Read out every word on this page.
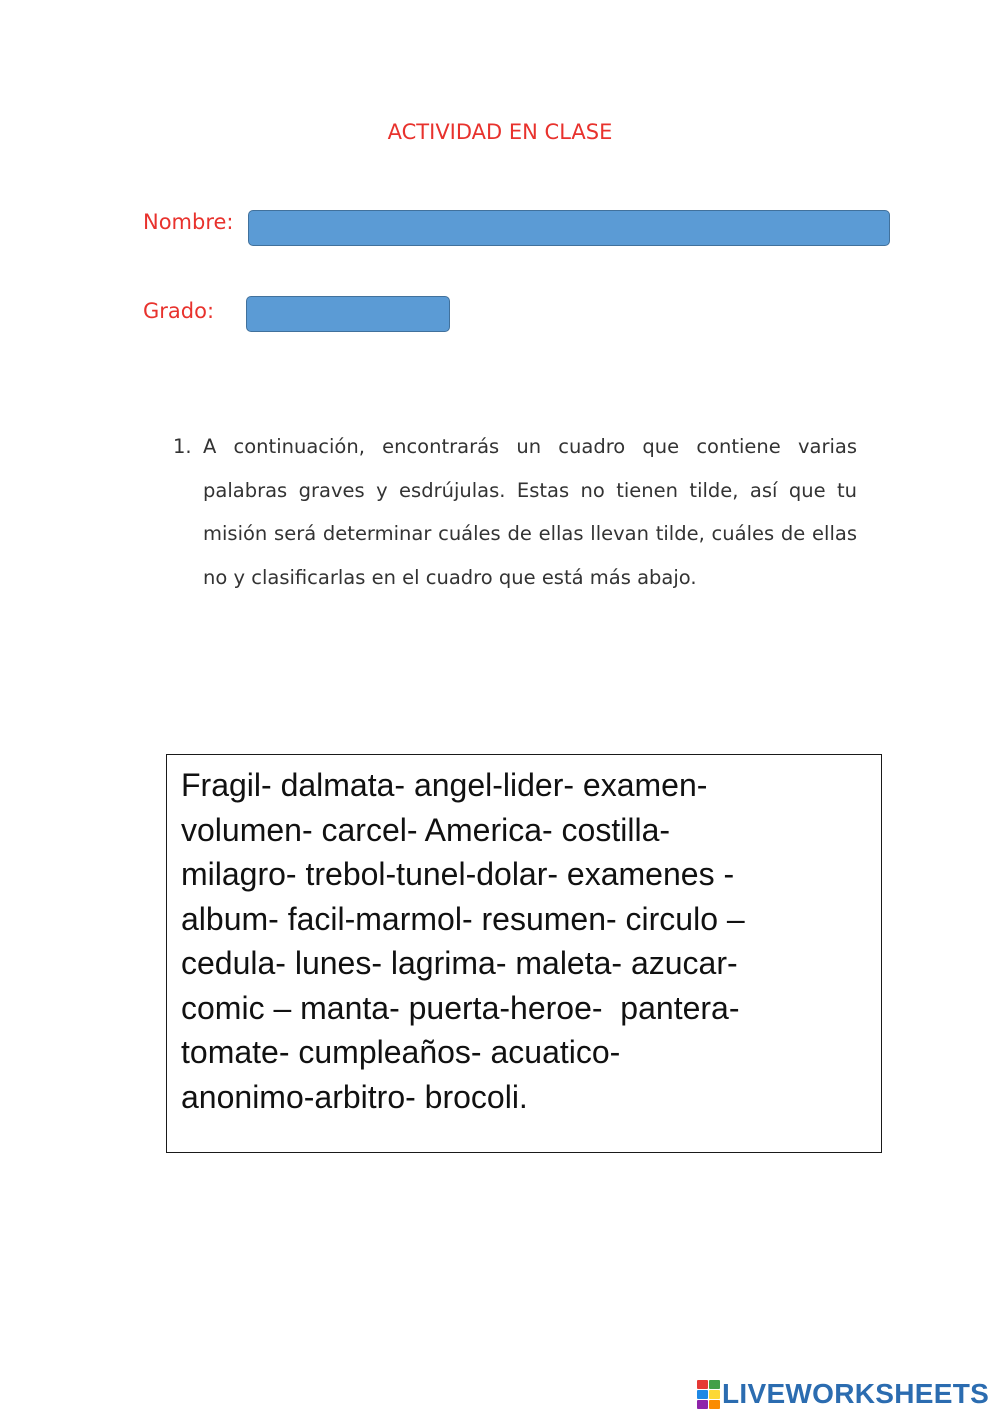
ACTIVIDAD EN CLASE
Nombre:
Grado:
1. A continuación, encontrarás un cuadro que contiene varias palabras graves y esdrújulas. Estas no tienen tilde, así que tu misión será determinar cuáles de ellas llevan tilde, cuáles de ellas no y clasificarlas en el cuadro que está más abajo.
Fragil- dalmata- angel-lider- examen-
volumen- carcel- America- costilla-
milagro- trebol-tunel-dolar- examenes -
album- facil-marmol- resumen- circulo –
cedula- lunes- lagrima- maleta- azucar-
comic – manta- puerta-heroe-  pantera-
tomate- cumpleaños- acuatico-
anonimo-arbitro- brocoli.
LIVEWORKSHEETS
